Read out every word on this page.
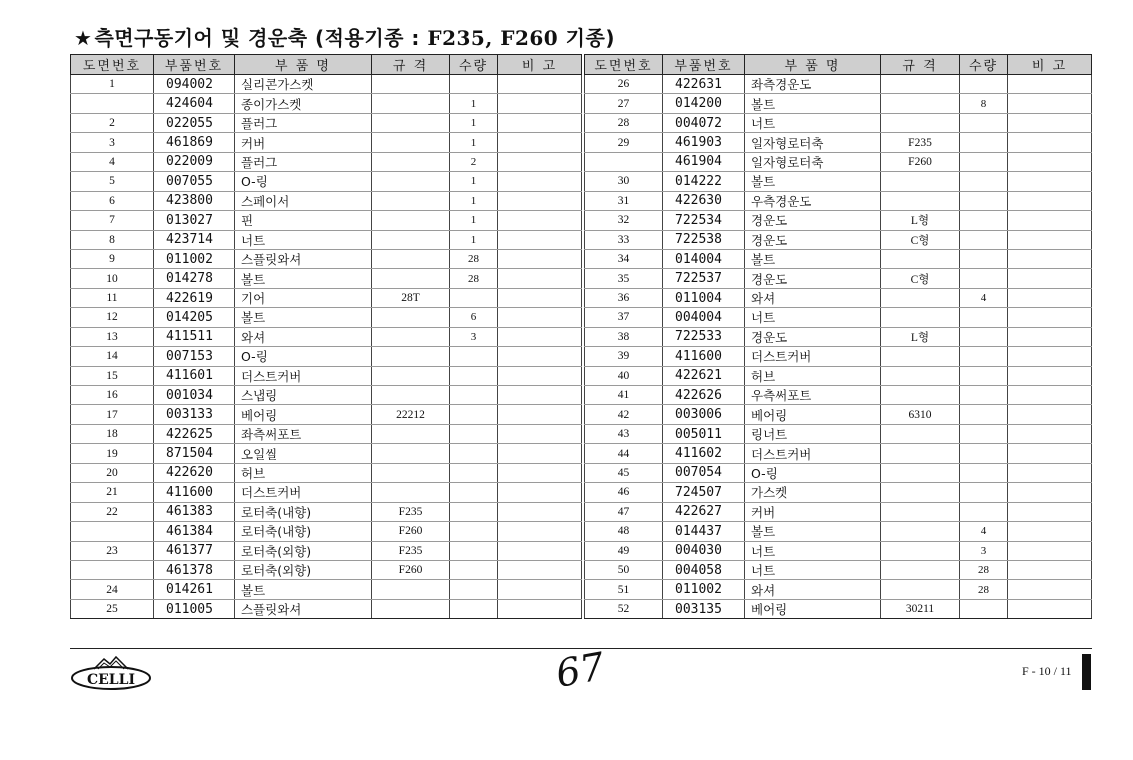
★ 측면구동기어 및 경운축 (적용기종 : F235, F260 기종)
도면번호	부품번호	부 품 명	규 격	수량	비 고
1	094002	실리콘가스켓			
	424604	종이가스켓		1	
2	022055	플러그		1	
3	461869	커버		1	
4	022009	플러그		2	
5	007055	O-링		1	
6	423800	스페이서		1	
7	013027	핀		1	
8	423714	너트		1	
9	011002	스플릿와셔		28	
10	014278	볼트		28	
11	422619	기어	28T		
12	014205	볼트		6	
13	411511	와셔		3	
14	007153	O-링			
15	411601	더스트커버			
16	001034	스냅링			
17	003133	베어링	22212		
18	422625	좌측써포트			
19	871504	오일씰			
20	422620	허브			
21	411600	더스트커버			
22	461383	로터축(내향)	F235		
	461384	로터축(내향)	F260		
23	461377	로터축(외향)	F235		
	461378	로터축(외향)	F260		
24	014261	볼트			
25	011005	스플릿와셔			
도면번호	부품번호	부 품 명	규 격	수량	비 고
26	422631	좌측경운도			
27	014200	볼트		8	
28	004072	너트			
29	461903	일자형로터축	F235		
	461904	일자형로터축	F260		
30	014222	볼트			
31	422630	우측경운도			
32	722534	경운도	L형		
33	722538	경운도	C형		
34	014004	볼트			
35	722537	경운도	C형		
36	011004	와셔		4	
37	004004	너트			
38	722533	경운도	L형		
39	411600	더스트커버			
40	422621	허브			
41	422626	우측써포트			
42	003006	베어링	6310		
43	005011	링너트			
44	411602	더스트커버			
45	007054	O-링			
46	724507	가스켓			
47	422627	커버			
48	014437	볼트		4	
49	004030	너트		3	
50	004058	너트		28	
51	011002	와셔		28	
52	003135	베어링	30211		
CELLI	67	F - 10 / 11
